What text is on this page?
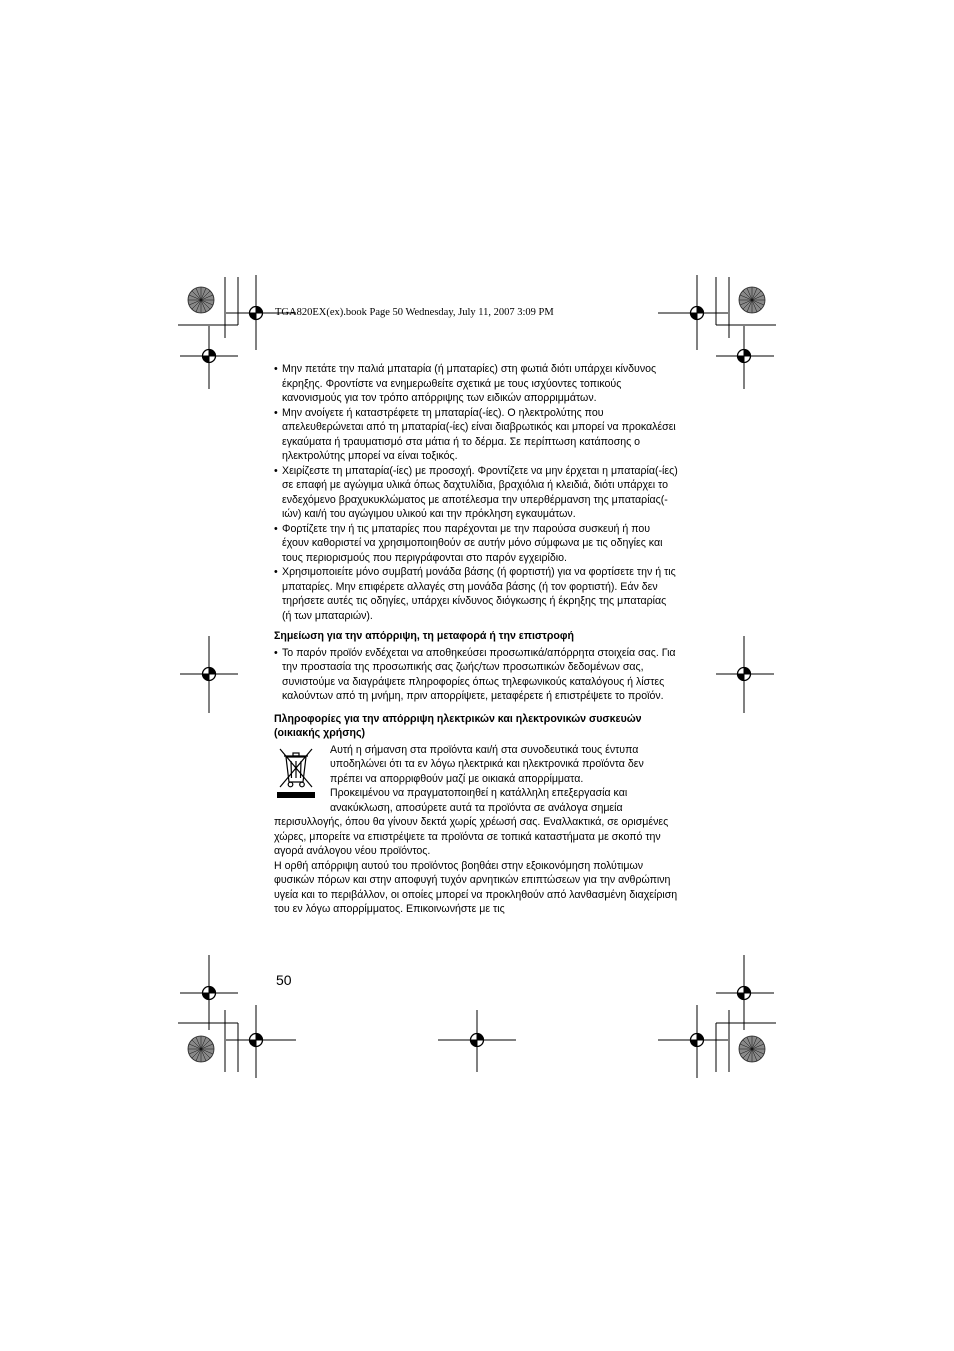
TGA820EX(ex).book Page 50 Wednesday, July 11, 2007 3:09 PM
• Μην πετάτε την παλιά μπαταρία (ή μπαταρίες) στη φωτιά διότι υπάρχει κίνδυνος έκρηξης. Φροντίστε να ενημερωθείτε σχετικά με τους ισχύοντες τοπικούς κανονισμούς για τον τρόπο απόρριψης των ειδικών απορριμμάτων.
• Μην ανοίγετε ή καταστρέφετε τη μπαταρία(-ίες). Ο ηλεκτρολύτης που απελευθερώνεται από τη μπαταρία(-ίες) είναι διαβρωτικός και μπορεί να προκαλέσει εγκαύματα ή τραυματισμό στα μάτια ή το δέρμα. Σε περίπτωση κατάποσης ο ηλεκτρολύτης μπορεί να είναι τοξικός.
• Χειρίζεστε τη μπαταρία(-ίες) με προσοχή. Φροντίζετε να μην έρχεται η μπαταρία(-ίες) σε επαφή με αγώγιμα υλικά όπως δαχτυλίδια, βραχιόλια ή κλειδιά, διότι υπάρχει το ενδεχόμενο βραχυκυκλώματος με αποτέλεσμα την υπερθέρμανση της μπαταρίας(-ιών) και/ή του αγώγιμου υλικού και την πρόκληση εγκαυμάτων.
• Φορτίζετε την ή τις μπαταρίες που παρέχονται με την παρούσα συσκευή ή που έχουν καθοριστεί να χρησιμοποιηθούν σε αυτήν μόνο σύμφωνα με τις οδηγίες και τους περιορισμούς που περιγράφονται στο παρόν εγχειρίδιο.
• Χρησιμοποιείτε μόνο συμβατή μονάδα βάσης (ή φορτιστή) για να φορτίσετε την ή τις μπαταρίες. Μην επιφέρετε αλλαγές στη μονάδα βάσης (ή τον φορτιστή). Εάν δεν τηρήσετε αυτές τις οδηγίες, υπάρχει κίνδυνος διόγκωσης ή έκρηξης της μπαταρίας (ή των μπαταριών).
Σημείωση για την απόρριψη, τη μεταφορά ή την επιστροφή
• Το παρόν προϊόν ενδέχεται να αποθηκεύσει προσωπικά/απόρρητα στοιχεία σας. Για την προστασία της προσωπικής σας ζωής/των προσωπικών δεδομένων σας, συνιστούμε να διαγράψετε πληροφορίες όπως τηλεφωνικούς καταλόγους ή λίστες καλούντων από τη μνήμη, πριν απορρίψετε, μεταφέρετε ή επιστρέψετε το προϊόν.
Πληροφορίες για την απόρριψη ηλεκτρικών και ηλεκτρονικών συσκευών
(οικιακής χρήσης)
Αυτή η σήμανση στα προϊόντα και/ή στα συνοδευτικά τους έντυπα
υποδηλώνει ότι τα εν λόγω ηλεκτρικά και ηλεκτρονικά προϊόντα δεν
πρέπει να απορριφθούν μαζί με οικιακά απορρίμματα.
Προκειμένου να πραγματοποιηθεί η κατάλληλη επεξεργασία και
ανακύκλωση, αποσύρετε αυτά τα προϊόντα σε ανάλογα σημεία
περισυλλογής, όπου θα γίνουν δεκτά χωρίς χρέωσή σας. Εναλλακτικά, σε ορισμένες χώρες, μπορείτε να επιστρέψετε τα προϊόντα σε τοπικά καταστήματα με σκοπό την αγορά ανάλογου νέου προϊόντος.
Η ορθή απόρριψη αυτού του προϊόντος βοηθάει στην εξοικονόμηση πολύτιμων φυσικών πόρων και στην αποφυγή τυχόν αρνητικών επιπτώσεων για την ανθρώπινη υγεία και το περιβάλλον, οι οποίες μπορεί να προκληθούν από λανθασμένη διαχείριση του εν λόγω απορρίμματος. Επικοινωνήστε με τις
50
